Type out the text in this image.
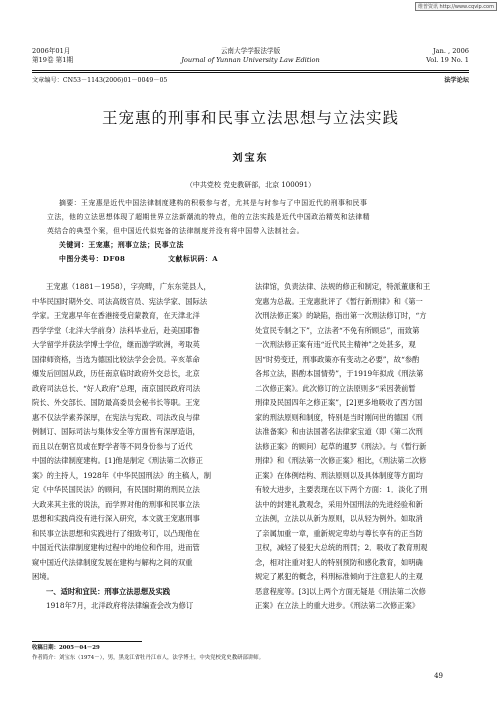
维普资讯 http://www.cqvip.com
2006年01月
第19卷 第1期
云南大学学报法学版
Journal of Yunnan University Law Edition
Jan. , 2006
Vol. 19 No. 1
文章编号：CN53－1143(2006)01－0049－05	法学论坛
王宠惠的刑事和民事立法思想与立法实践
刘宝东
（中共党校 党史教研部，北京 100091）
摘要：王宠惠是近代中国法律制度建构的积极参与者，尤其是与时参与了中国近代的刑事和民事
立法，他的立法思想体现了超期世界立法新潮流的特点，他的立法实践是近代中国政治精英和法律精
英结合的典型个案，但中国近代似宪备的法律制度并没有将中国带入法制社会。
关键词：王宠惠；刑事立法；民事立法
中图分类号：DF08	文献标识码：A
王宠惠（1881－1958），字亮畴，广东东莞县人，
中华民国时期外交、司法高级官员、宪法学家、国际法
学家。王宠惠早年在香港接受启蒙教育，在天津北洋
西学学堂（北洋大学前身）法科毕业后，赴美国耶鲁
大学留学并获法学博士学位，继而游学欧洲，考取英
国律师资格，当选为德国比较法学会会员。辛亥革命
爆发后回国从政，历任南京临时政府外交总长，北京
政府司法总长、“好人政府”总理，南京国民政府司法
院长、外交部长、国防最高委员会秘书长等职。王宠
惠不仅法学素养深厚，在宪法与宪政、司法改良与律
例制订、国际司法与集体安全等方面皆有深厚造诣，
而且以在朝官员或在野学者等不同身份参与了近代
中国的法律制度建构。[1]他是制定《刑法第二次修正
案》的主持人，1928年《中华民国刑法》的主稿人，制
定《中华民国民法》的顾问，有民国时期的刑民立法
大政来其主张的说法，而学界对他的刑事和民事立法
思想和实践尚没有进行深入研究，本文就王宠惠刑事
和民事立法思想和实践进行了细致考订，以凸现他在
中国近代法律制度建构过程中的地位和作用，进而管
窥中国近代法律制度发展在建构与解构之间的双重
困境。
一、适时和宜民：刑事立法思想及实践
1918年7月，北洋政府将法律编查会改为修订
法律馆，负责法律、法规的修正和制定，特派董康和王
宠惠为总裁。王宠惠批评了《暂行新刑律》和《第一
次刑法修正案》的缺陷，指出第一次刑法修订时，“方
处宣民专制之下”，立法者“不免有所顾忌”，而致第
一次刑法修正案有违“近代民主精神”之处甚多，观
因“时势变迁，刑事政策亦有变动之必要”，故“参酌
各邦立法，斟酌本国情势”，于1919年拟成《刑法第
二次修正案》。此次修订的立法原则多“采因袭前暂
刑律及民国四年之修正案”，[2]更多地吸收了西方国
家的刑法原则和制度，特别是当时刚问世的德国《刑
法准备案》和由法国著名法律家宝道（即《第二次刑
法修正案》的顾问）起草的暹罗《刑法》。与《暂行新
刑律》和《刑法第一次修正案》相比，《刑法第二次修
正案》在体例结构、刑法原则以及具体制度等方面均
有较大进步，主要表现在以下两个方面：1．淡化了刑
法中的封建礼教观念，采用外国刑法的先进经验和新
立法例，立法以从新为原则，以从轻为例外。如取消
了亲属加重一章，重新规定卑幼与尊长享有的正当防
卫权，减轻了侵犯大总统的刑罚；2．吸收了教育刑观
念，相对注重对犯人的特别预防和感化教育，如明确
规定了累犯的概念，科刑标准倾向于注意犯人的主观
恶意程度等。[3]以上两个方面无疑是《刑法第二次修
正案》在立法上的重大进步。《刑法第二次修正案》
收稿日期：2005－04－29
作者简介：刘宝东（1974－），男，黑龙江省牡丹江市人，法学博士，中央党校党史教研部讲师。
49
